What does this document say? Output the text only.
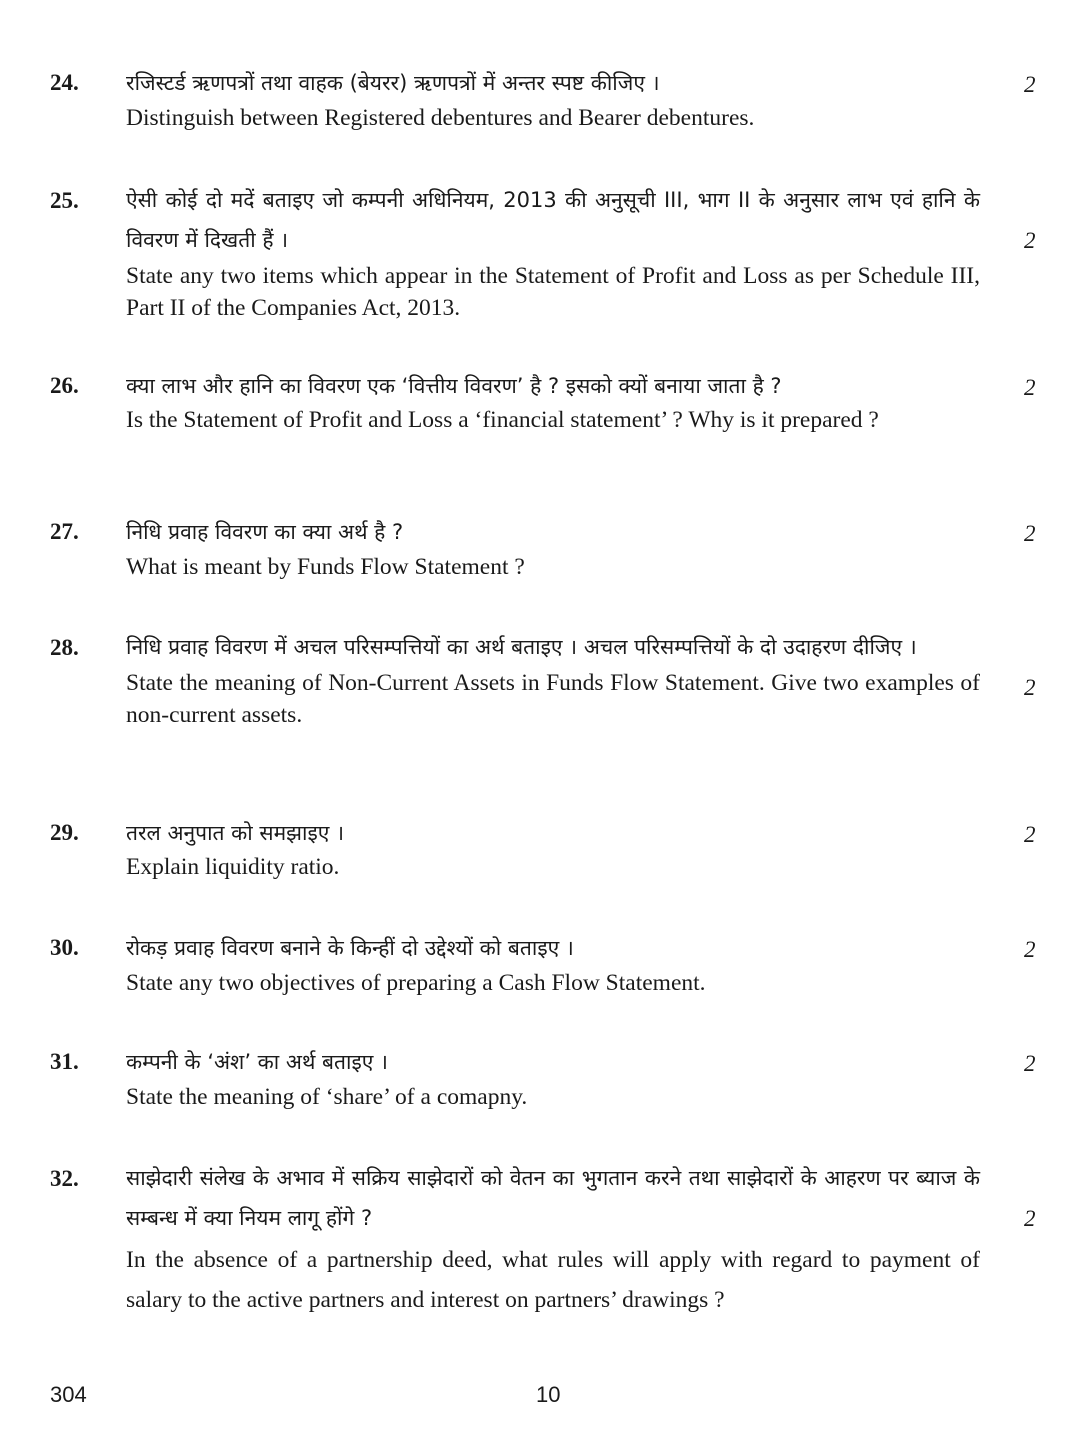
24. रजिस्टर्ड ऋणपत्रों तथा वाहक (बेयरर) ऋणपत्रों में अन्तर स्पष्ट कीजिए ।

Distinguish between Registered debentures and Bearer debentures.

2
25. ऐसी कोई दो मदें बताइए जो कम्पनी अधिनियम, 2013 की अनुसूची III, भाग II के अनुसार लाभ एवं हानि के विवरण में दिखती हैं ।

State any two items which appear in the Statement of Profit and Loss as per Schedule III, Part II of the Companies Act, 2013.

2
26. क्या लाभ और हानि का विवरण एक ‘वित्तीय विवरण’ है ? इसको क्यों बनाया जाता है ?

Is the Statement of Profit and Loss a ‘financial statement’ ? Why is it prepared ?

2
27. निधि प्रवाह विवरण का क्या अर्थ है ?

What is meant by Funds Flow Statement ?

2
28. निधि प्रवाह विवरण में अचल परिसम्पत्तियों का अर्थ बताइए । अचल परिसम्पत्तियों के दो उदाहरण दीजिए ।

State the meaning of Non-Current Assets in Funds Flow Statement. Give two examples of non-current assets.

2
29. तरल अनुपात को समझाइए ।

Explain liquidity ratio.

2
30. रोकड़ प्रवाह विवरण बनाने के किन्हीं दो उद्देश्यों को बताइए ।

State any two objectives of preparing a Cash Flow Statement.

2
31. कम्पनी के ‘अंश’ का अर्थ बताइए ।

State the meaning of ‘share’ of a comapny.

2
32. साझेदारी संलेख के अभाव में सक्रिय साझेदारों को वेतन का भुगतान करने तथा साझेदारों के आहरण पर ब्याज के सम्बन्ध में क्या नियम लागू होंगे ?

In the absence of a partnership deed, what rules will apply with regard to payment of salary to the active partners and interest on partners’ drawings ?

2
304	10
